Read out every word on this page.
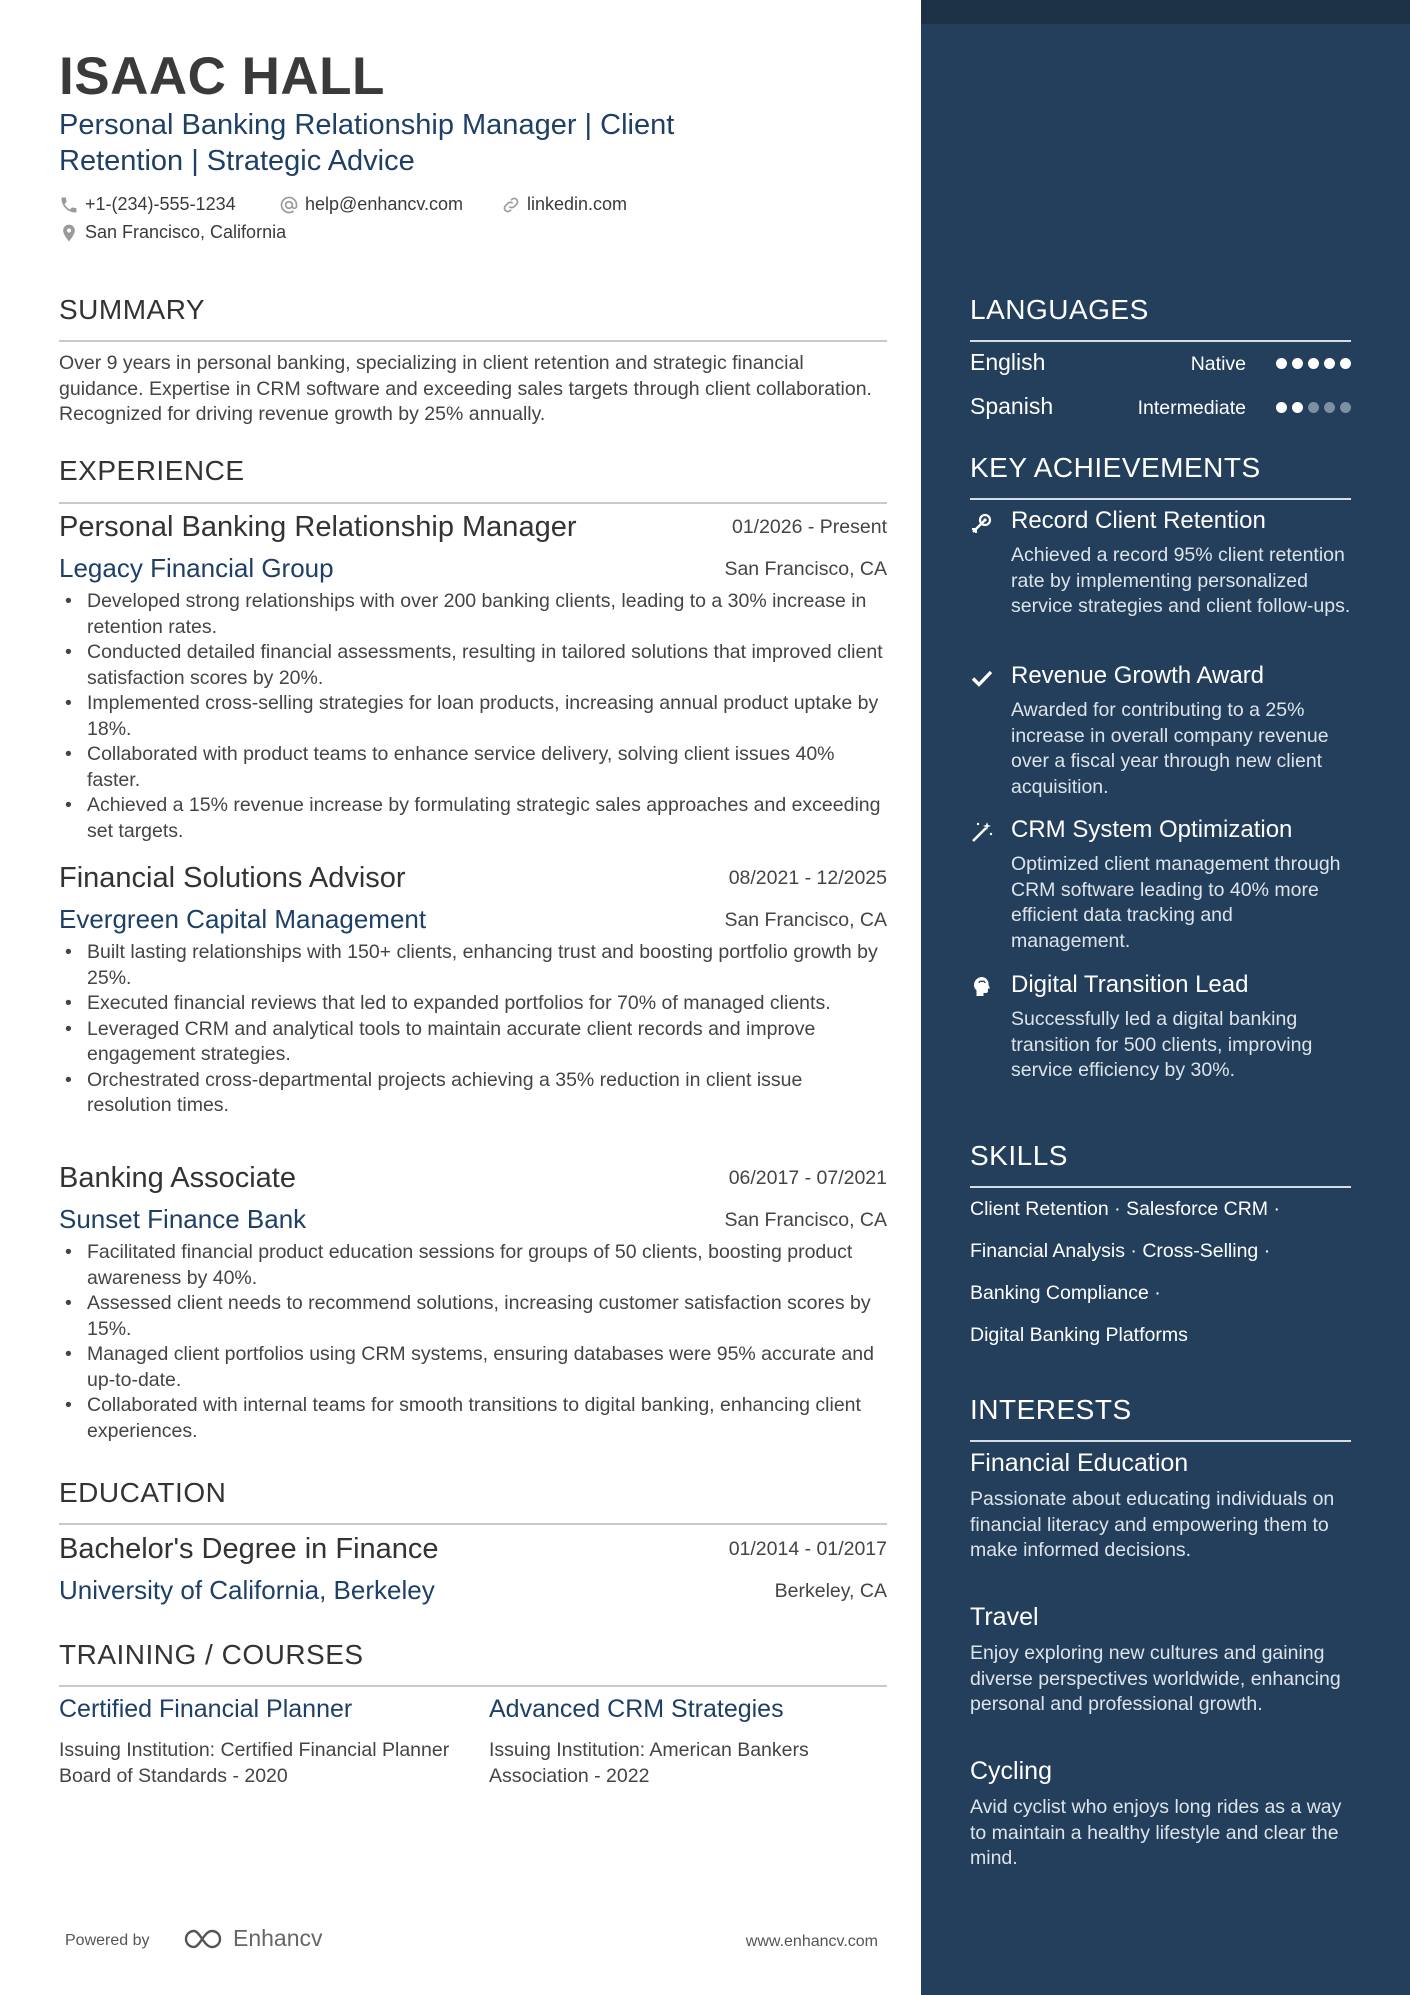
ISAAC HALL
Personal Banking Relationship Manager | Client Retention | Strategic Advice
+1-(234)-555-1234	help@enhancv.com	linkedin.com
San Francisco, California
SUMMARY
Over 9 years in personal banking, specializing in client retention and strategic financial guidance. Expertise in CRM software and exceeding sales targets through client collaboration. Recognized for driving revenue growth by 25% annually.
EXPERIENCE
Personal Banking Relationship Manager	01/2026 - Present
Legacy Financial Group	San Francisco, CA
• Developed strong relationships with over 200 banking clients, leading to a 30% increase in retention rates.
• Conducted detailed financial assessments, resulting in tailored solutions that improved client satisfaction scores by 20%.
• Implemented cross-selling strategies for loan products, increasing annual product uptake by 18%.
• Collaborated with product teams to enhance service delivery, solving client issues 40% faster.
• Achieved a 15% revenue increase by formulating strategic sales approaches and exceeding set targets.
Financial Solutions Advisor	08/2021 - 12/2025
Evergreen Capital Management	San Francisco, CA
• Built lasting relationships with 150+ clients, enhancing trust and boosting portfolio growth by 25%.
• Executed financial reviews that led to expanded portfolios for 70% of managed clients.
• Leveraged CRM and analytical tools to maintain accurate client records and improve engagement strategies.
• Orchestrated cross-departmental projects achieving a 35% reduction in client issue resolution times.
Banking Associate	06/2017 - 07/2021
Sunset Finance Bank	San Francisco, CA
• Facilitated financial product education sessions for groups of 50 clients, boosting product awareness by 40%.
• Assessed client needs to recommend solutions, increasing customer satisfaction scores by 15%.
• Managed client portfolios using CRM systems, ensuring databases were 95% accurate and up-to-date.
• Collaborated with internal teams for smooth transitions to digital banking, enhancing client experiences.
EDUCATION
Bachelor's Degree in Finance	01/2014 - 01/2017
University of California, Berkeley	Berkeley, CA
TRAINING / COURSES
Certified Financial Planner
Issuing Institution: Certified Financial Planner Board of Standards - 2020
Advanced CRM Strategies
Issuing Institution: American Bankers Association - 2022
Powered by	Enhancv	www.enhancv.com
LANGUAGES
English	Native
Spanish	Intermediate
KEY ACHIEVEMENTS
Record Client Retention
Achieved a record 95% client retention rate by implementing personalized service strategies and client follow-ups.
Revenue Growth Award
Awarded for contributing to a 25% increase in overall company revenue over a fiscal year through new client acquisition.
CRM System Optimization
Optimized client management through CRM software leading to 40% more efficient data tracking and management.
Digital Transition Lead
Successfully led a digital banking transition for 500 clients, improving service efficiency by 30%.
SKILLS
Client Retention · Salesforce CRM ·
Financial Analysis · Cross-Selling ·
Banking Compliance ·
Digital Banking Platforms
INTERESTS
Financial Education
Passionate about educating individuals on financial literacy and empowering them to make informed decisions.
Travel
Enjoy exploring new cultures and gaining diverse perspectives worldwide, enhancing personal and professional growth.
Cycling
Avid cyclist who enjoys long rides as a way to maintain a healthy lifestyle and clear the mind.
